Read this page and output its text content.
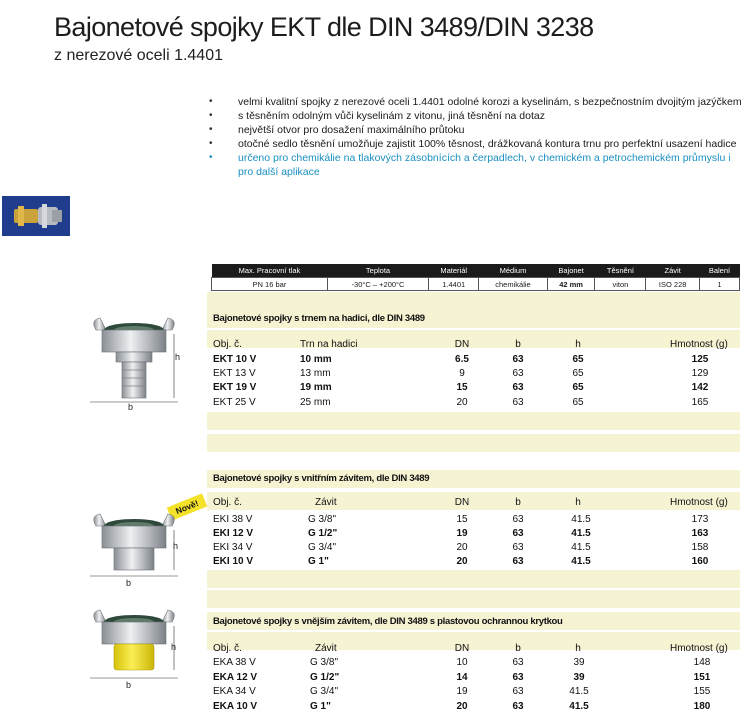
Bajonetové spojky EKT dle DIN 3489/DIN 3238
z nerezové oceli 1.4401
• velmi kvalitní spojky z nerezové oceli 1.4401 odolné korozi a kyselinám, s bezpečnostním dvojitým jazýčkem
• s těsněním odolným vůči kyselinám z vitonu, jiná těsnění na dotaz
• největší otvor pro dosažení maximálního průtoku
• otočné sedlo těsnění umožňuje zajistit 100% těsnost, drážkovaná kontura trnu pro perfektní usazení hadice
• určeno pro chemikálie na tlakových zásobnících a čerpadlech, v chemickém a petrochemickém průmyslu i pro další aplikace
Max. Pracovní tlak	Teplota	Materiál	Médium	Bajonet	Těsnění	Závit	Balení
PN 16 bar	-30°C – +200°C	1.4401	chemikálie	42 mm	viton	ISO 228	1
Bajonetové spojky s trnem na hadici, dle DIN 3489
Obj. č.	Trn na hadici	DN	b	h	Hmotnost (g)
EKT 10 V	10 mm	6.5	63	65	125
EKT 13 V	13 mm	9	63	65	129
EKT 19 V	19 mm	15	63	65	142
EKT 25 V	25 mm	20	63	65	165
h
b
Bajonetové spojky s vnitřním závitem, dle DIN 3489
Obj. č.	Závit	DN	b	h	Hmotnost (g)
EKI 38 V	G 3/8"	15	63	41.5	173
EKI 12 V	G 1/2"	19	63	41.5	163
EKI 34 V	G 3/4"	20	63	41.5	158
EKI 10 V	G 1"	20	63	41.5	160
Nově!
h
b
Bajonetové spojky s vnějším závitem, dle DIN 3489 s plastovou ochrannou krytkou
Obj. č.	Závit	DN	b	h	Hmotnost (g)
EKA 38 V	G 3/8"	10	63	39	148
EKA 12 V	G 1/2"	14	63	39	151
EKA 34 V	G 3/4"	19	63	41.5	155
EKA 10 V	G 1"	20	63	41.5	180
h
b
